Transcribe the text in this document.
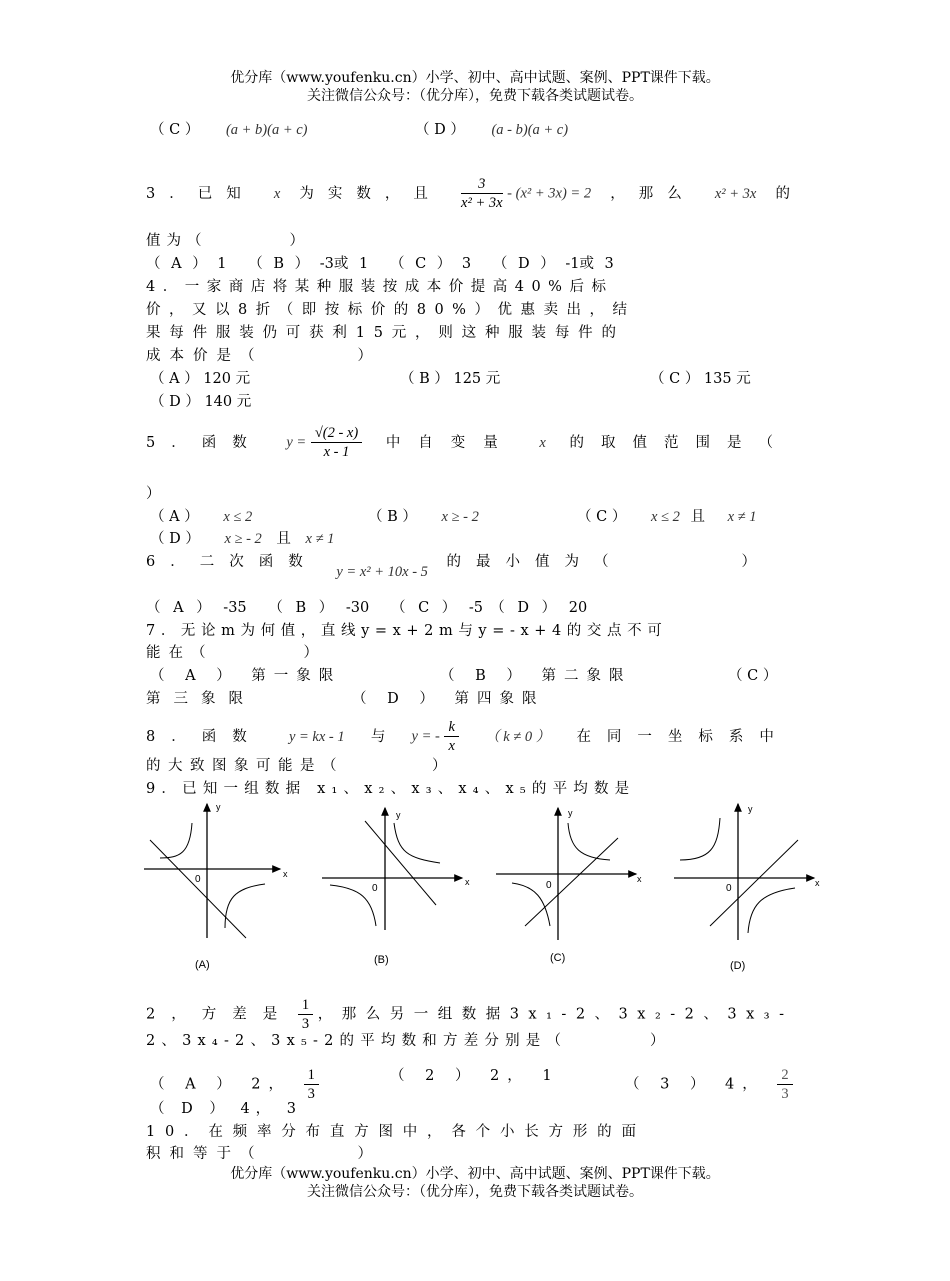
优分库（www.youfenku.cn）小学、初中、高中试题、案例、PPT课件下载。
关注微信公众号：（优分库），免费下载各类试题试卷。
（ C ） (a + b)(a + c)	（ D ） (a - b)(a + c)
3．已知 x 为实数，且 $\frac{3}{\text{x² + 3x}} - (x^2 + 3x) = 2$ ，那么 x² + 3x 的
值为（　　　　）
（ A ） 1　　（ B ） -3或 1　　（ C ） 3　　（ D ） -1或 3
4．一家商店将某种服装按成本价提高40%后标
价，又以8折（即按标价的80%）优惠卖出，结
果每件服装仍可获利15元，则这种服装每件的
成本价是（　　　　）
（ A ） 120 元	（ B ） 125 元	（ C ） 135 元
（ D ） 140 元
5．函数 $y = \frac{√(2 - x)}{x - 1}$ 中自变量 x 的取值范围是（
）
（ A ） x ≤ 2	（ B ） x ≥ - 2	（ C ） x ≤ 2 且 x ≠ 1
（ D ） x ≥ - 2 且 x ≠ 1
6．二次函数 y = x² + 10x - 5 的最小值为（　　　　）
（ A ） -35　　（ B ） -30　　（ C ） -5　（ D ） 20
7．无论m为何值，直线y=x+2m与y=-x+4的交点不可
能在（　　　　）
（ A ） 第一象限	（ B ） 第二象限	（ C ）
第三象限	（ D ） 第四象限
8．函数 y = kx - 1 与 y = - $\frac{k}{x}$ （ k ≠ 0 ） 在同一坐标系中
的大致图象可能是（　　　　）
9．已知一组数据 x₁、x₂、x₃、x₄、x₅的平均数是
y
x
0
(A)
y
x
0
(B)
y
x
0
(C)
y
x
0
(D)
2，方差是 $\frac{1}{3}$ ，那么另一组数据3x₁-2、3x₂-2、3x₃-
2、3x₄-2、3x₅-2的平均数和方差分别是（　　　　）
（ A ） 2， $\frac{1}{3}$	（ 2 ） 2， 1
（ 3 ） 4， $\frac{2}{3}$
（ D ） 4， 3
10．在频率分布直方图中，各个小长方形的面
积和等于（　　　　）
优分库（www.youfenku.cn）小学、初中、高中试题、案例、PPT课件下载。
关注微信公众号：（优分库），免费下载各类试题试卷。
